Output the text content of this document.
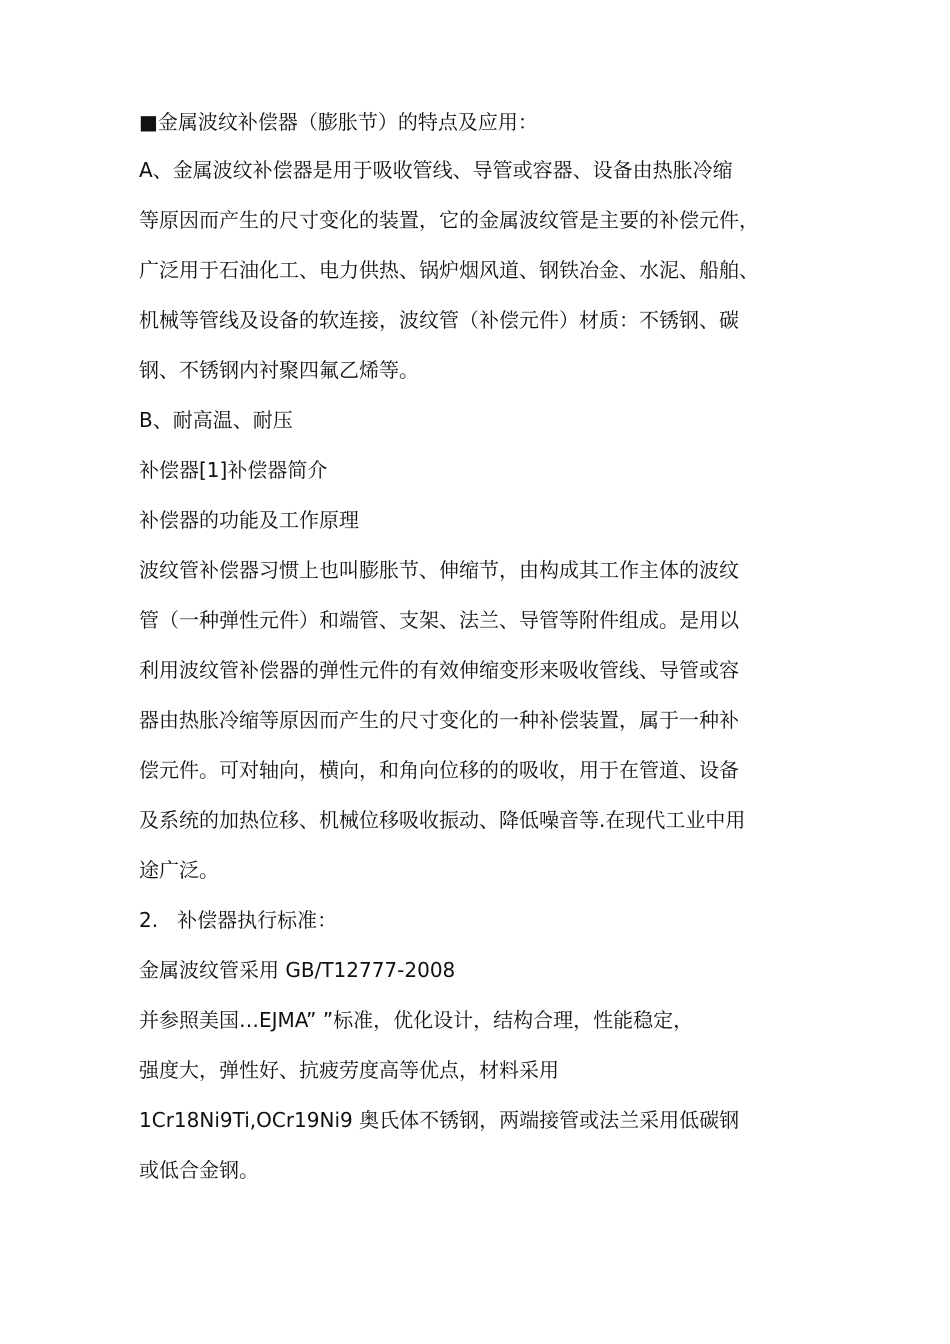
■金属波纹补偿器（膨胀节）的特点及应用：
A、金属波纹补偿器是用于吸收管线、导管或容器、设备由热胀冷缩
等原因而产生的尺寸变化的装置，它的金属波纹管是主要的补偿元件，
广泛用于石油化工、电力供热、锅炉烟风道、钢铁冶金、水泥、船舶、
机械等管线及设备的软连接，波纹管（补偿元件）材质：不锈钢、碳
钢、不锈钢内衬聚四氟乙烯等。
B、耐高温、耐压
补偿器[1]补偿器简介
补偿器的功能及工作原理
波纹管补偿器习惯上也叫膨胀节、伸缩节，由构成其工作主体的波纹
管（一种弹性元件）和端管、支架、法兰、导管等附件组成。是用以
利用波纹管补偿器的弹性元件的有效伸缩变形来吸收管线、导管或容
器由热胀冷缩等原因而产生的尺寸变化的一种补偿装置，属于一种补
偿元件。可对轴向，横向，和角向位移的的吸收，用于在管道、设备
及系统的加热位移、机械位移吸收振动、降低噪音等.在现代工业中用
途广泛。
2.   补偿器执行标准：
金属波纹管采用 GB/T12777-2008
并参照美国…EJMA” ”标准，优化设计，结构合理，性能稳定，
强度大，弹性好、抗疲劳度高等优点，材料采用
1Cr18Ni9Ti,OCr19Ni9 奥氏体不锈钢，两端接管或法兰采用低碳钢
或低合金钢。
